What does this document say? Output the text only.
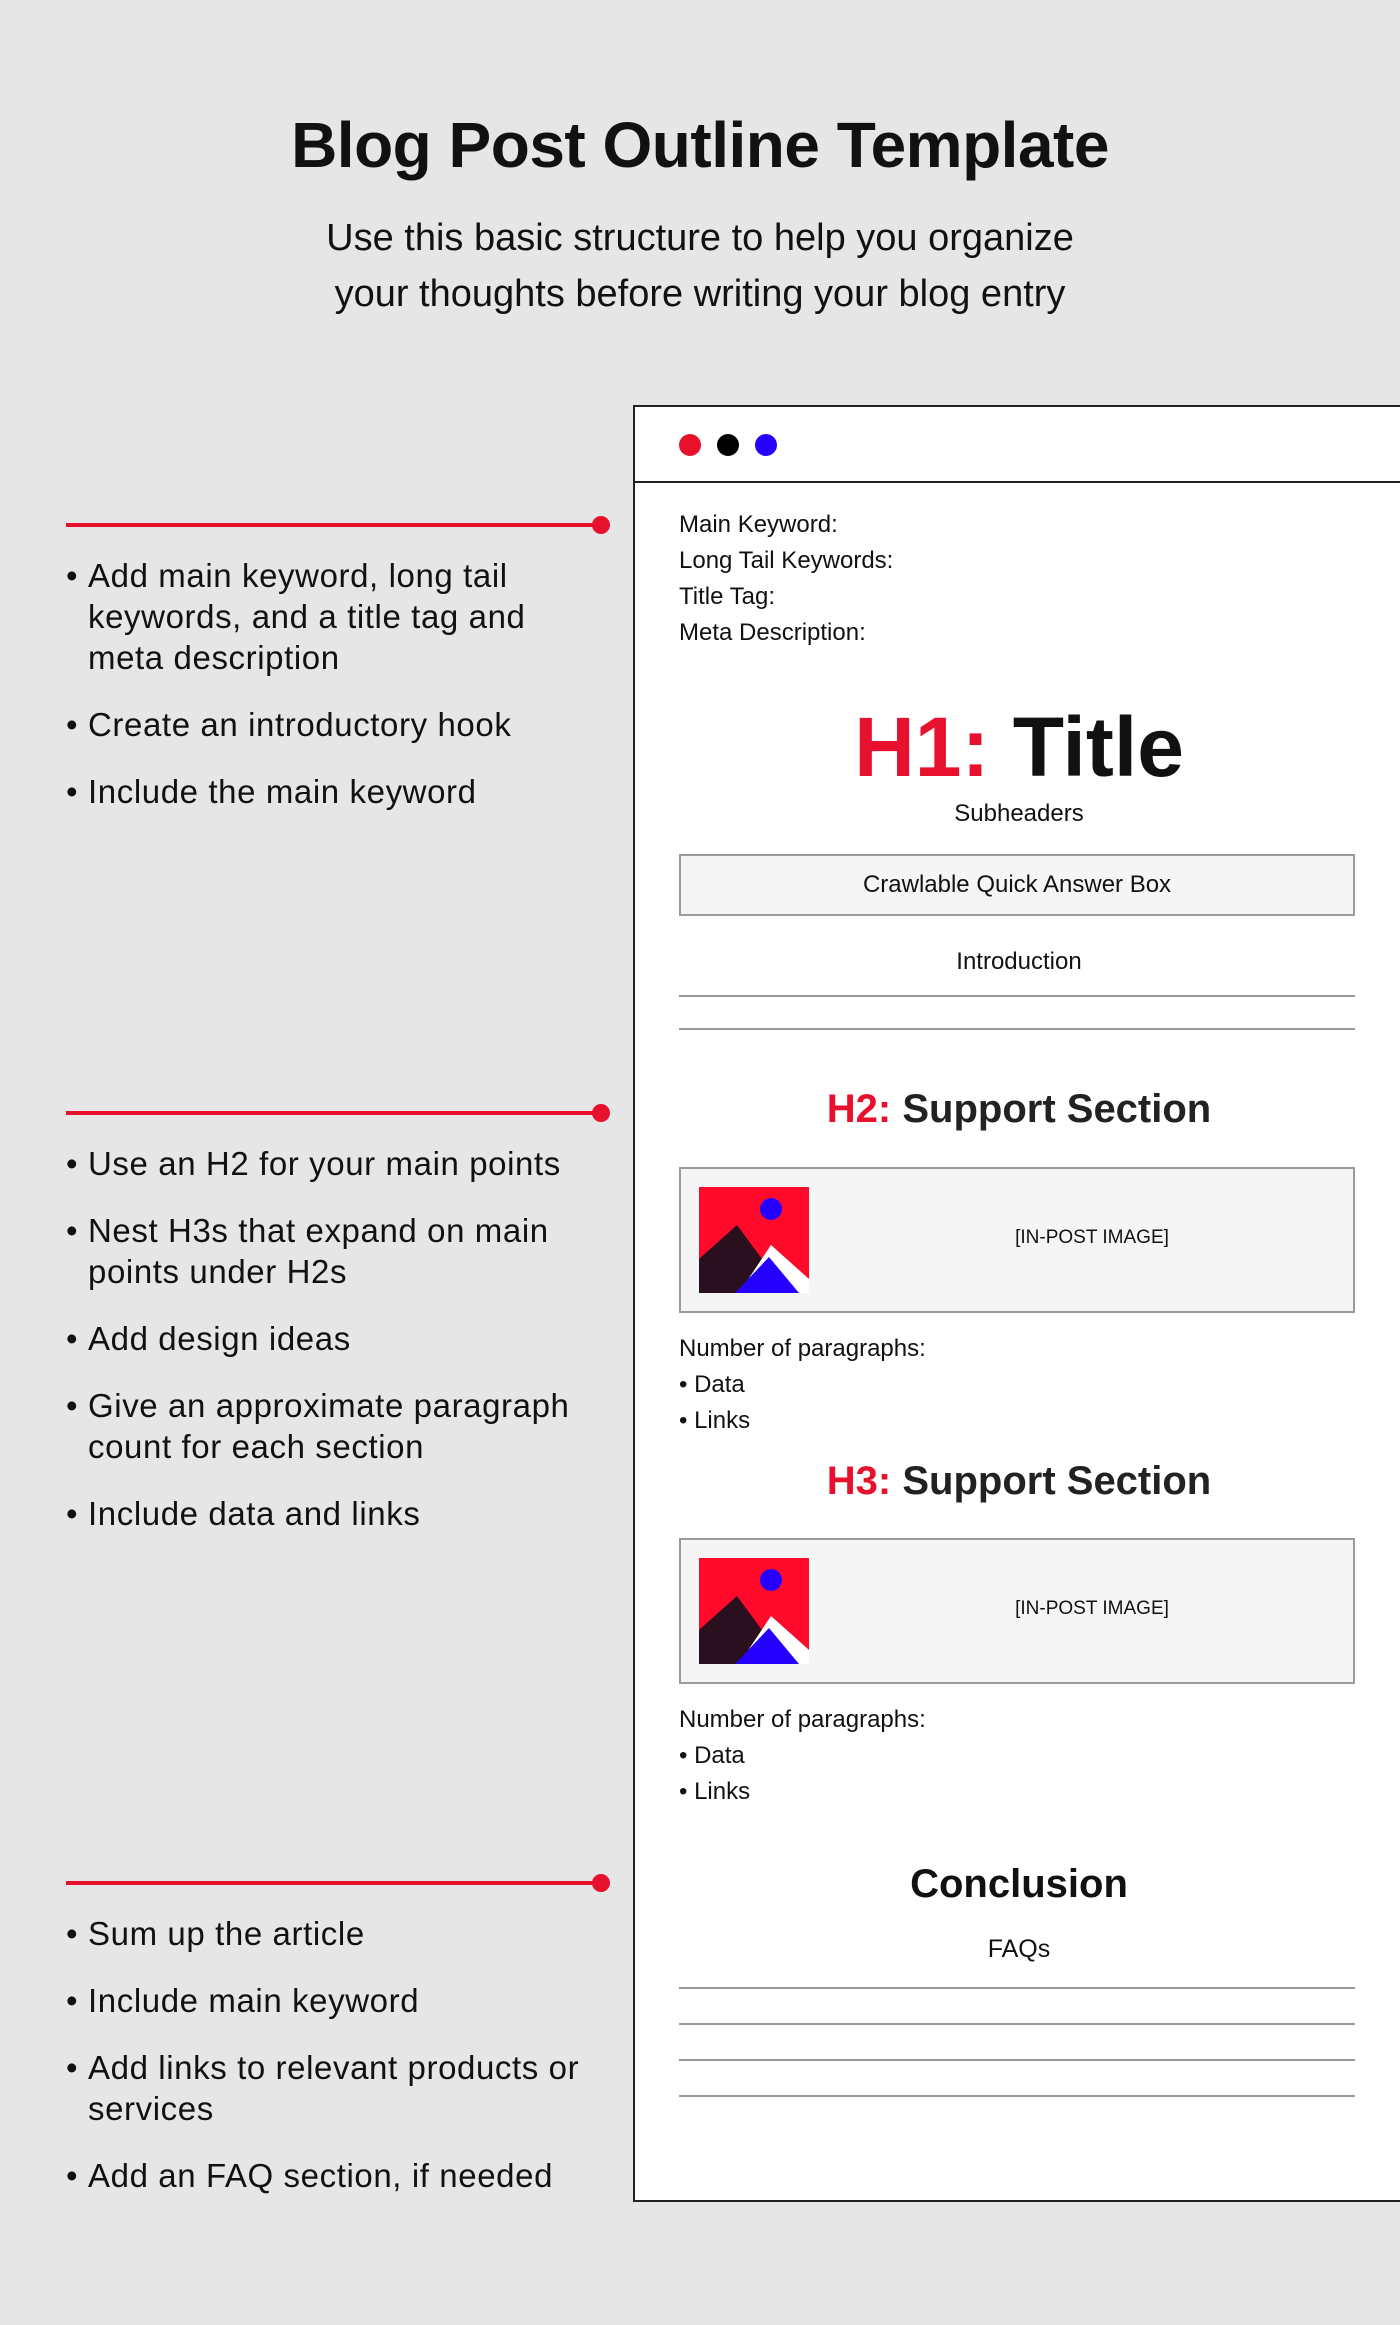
Blog Post Outline Template
Use this basic structure to help you organize
your thoughts before writing your blog entry
• Add main keyword, long tail keywords, and a title tag and meta description
• Create an introductory hook
• Include the main keyword
• Use an H2 for your main points
• Nest H3s that expand on main points under H2s
• Add design ideas
• Give an approximate paragraph count for each section
• Include data and links
• Sum up the article
• Include main keyword
• Add links to relevant products or services
• Add an FAQ section, if needed
Main Keyword:
Long Tail Keywords:
Title Tag:
Meta Description:
H1: Title
Subheaders
Crawlable Quick Answer Box
Introduction
H2: Support Section
[IN-POST IMAGE]
Number of paragraphs:
• Data
• Links
H3: Support Section
[IN-POST IMAGE]
Number of paragraphs:
• Data
• Links
Conclusion
FAQs
